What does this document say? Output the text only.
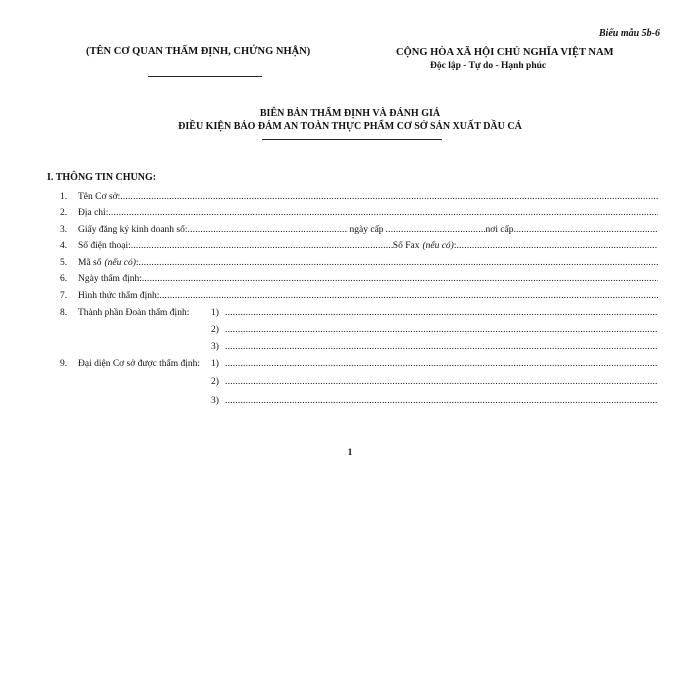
Biểu mẫu 5b-6
(TÊN CƠ QUAN THẨM ĐỊNH, CHỨNG NHẬN)	CỘNG HÒA XÃ HỘI CHỦ NGHĨA VIỆT NAM
Độc lập - Tự do - Hạnh phúc
BIÊN BẢN THẨM ĐỊNH VÀ ĐÁNH GIÁ
ĐIỀU KIỆN BẢO ĐẢM AN TOÀN THỰC PHẨM CƠ SỞ SẢN XUẤT DẦU CÁ
I. THÔNG TIN CHUNG:
1.	Tên Cơ sở:
.....
2.	Địa chỉ:
.....
3.	Giấy đăng ký kinh doanh số: .....	ngày cấp .....	nơi cấp
.....
4.	Số điện thoại: .....	Số Fax (nếu có) :
.....
5.	Mã số (nếu có) :
.....
6.	Ngày thẩm định:
.....
7.	Hình thức thẩm định:
.....
8.	Thành phần Đoàn thẩm định: 1)
.....
2)
.....
3)
.....
9.	Đại diện Cơ sở được thẩm định: 1)
.....
2)
.....
3)
.....
1
